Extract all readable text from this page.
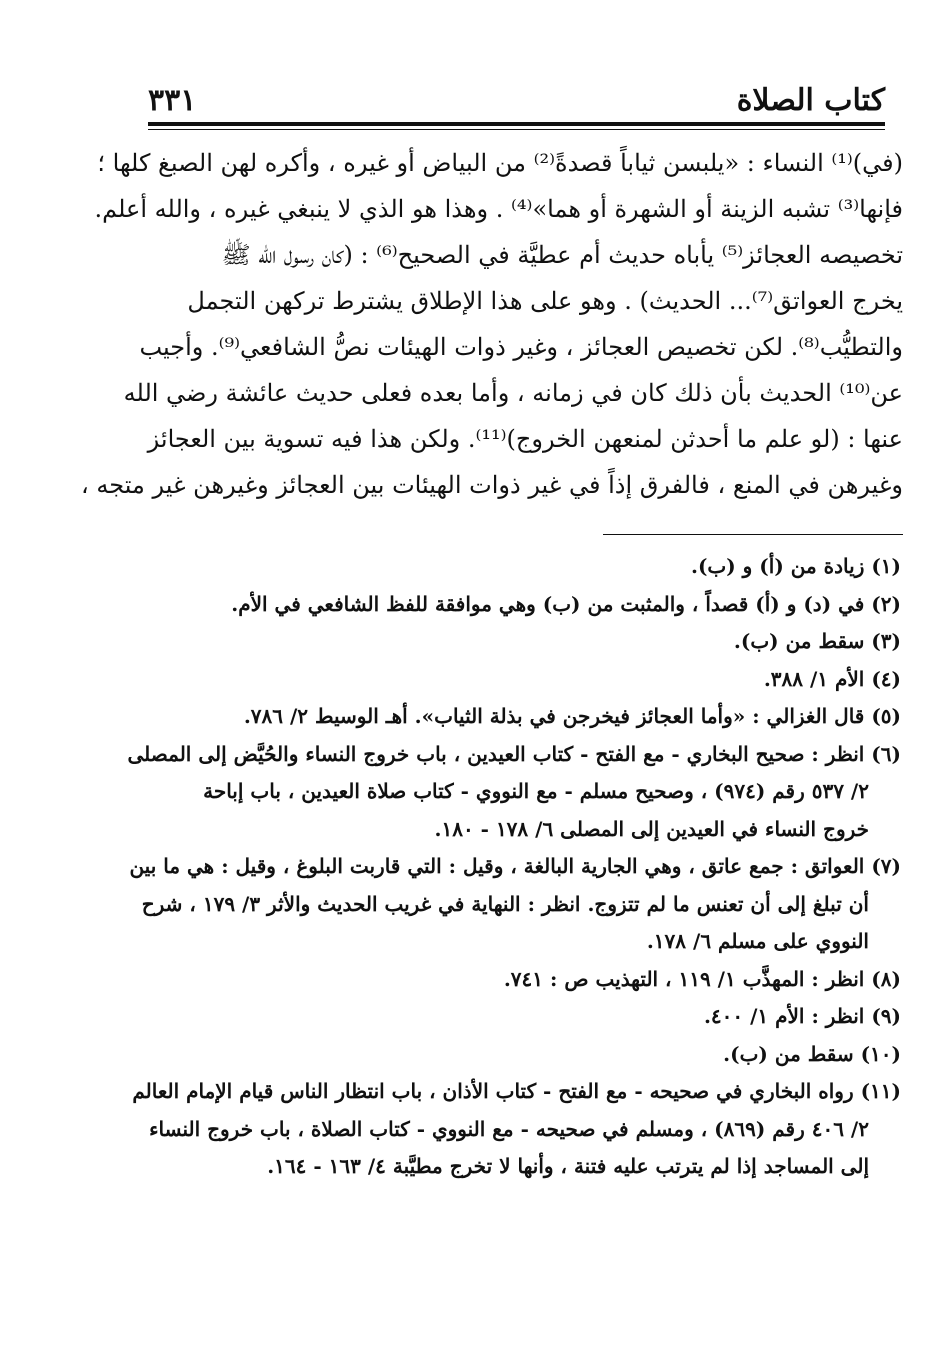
كتاب الصلاة
٣٣١
(في)⁽¹⁾ النساء : «يلبسن ثياباً قصدةً⁽²⁾ من البياض أو غيره ، وأكره لهن الصبغ كلها ؛
فإنها⁽³⁾ تشبه الزينة أو الشهرة أو هما»⁽⁴⁾ . وهذا هو الذي لا ينبغي غيره ، والله أعلم.
تخصيصه العجائز⁽⁵⁾ يأباه حديث أم عطيَّة في الصحيح⁽⁶⁾ : (كان رسول الله ﷺ
يخرج العواتق⁽⁷⁾... الحديث) . وهو على هذا الإطلاق يشترط تركهن التجمل
والتطيُّب⁽⁸⁾. لكن تخصيص العجائز ، وغير ذوات الهيئات نصُّ الشافعي⁽⁹⁾. وأجيب
عن⁽¹⁰⁾ الحديث بأن ذلك كان في زمانه ، وأما بعده فعلى حديث عائشة رضي الله
عنها : (لو علم ما أحدثن لمنعهن الخروج)⁽¹¹⁾. ولكن هذا فيه تسوية بين العجائز
وغيرهن في المنع ، فالفرق إذاً في غير ذوات الهيئات بين العجائز وغيرهن غير متجه ،
(١) زيادة من (أ) و (ب).
(٢) في (د) و (أ) قصداً ، والمثبت من (ب) وهي موافقة للفظ الشافعي في الأم.
(٣) سقط من (ب).
(٤) الأم ١/ ٣٨٨.
(٥) قال الغزالي : «وأما العجائز فيخرجن في بذلة الثياب». أهـ الوسيط ٢/ ٧٨٦.
(٦) انظر : صحيح البخاري - مع الفتح - كتاب العيدين ، باب خروج النساء والحُيَّض إلى المصلى
٢/ ٥٣٧ رقم (٩٧٤) ، وصحيح مسلم - مع النووي - كتاب صلاة العيدين ، باب إباحة
خروج النساء في العيدين إلى المصلى ٦/ ١٧٨ - ١٨٠.
(٧) العواتق : جمع عاتق ، وهي الجارية البالغة ، وقيل : التي قاربت البلوغ ، وقيل : هي ما بين
أن تبلغ إلى أن تعنس ما لم تتزوج. انظر : النهاية في غريب الحديث والأثر ٣/ ١٧٩ ، شرح
النووي على مسلم ٦/ ١٧٨.
(٨) انظر : المهذَّب ١/ ١١٩ ، التهذيب ص : ٧٤١.
(٩) انظر : الأم ١/ ٤٠٠.
(١٠) سقط من (ب).
(١١) رواه البخاري في صحيحه - مع الفتح - كتاب الأذان ، باب انتظار الناس قيام الإمام العالم
٢/ ٤٠٦ رقم (٨٦٩) ، ومسلم في صحيحه - مع النووي - كتاب الصلاة ، باب خروج النساء
إلى المساجد إذا لم يترتب عليه فتنة ، وأنها لا تخرج مطيَّبة ٤/ ١٦٣ - ١٦٤.
